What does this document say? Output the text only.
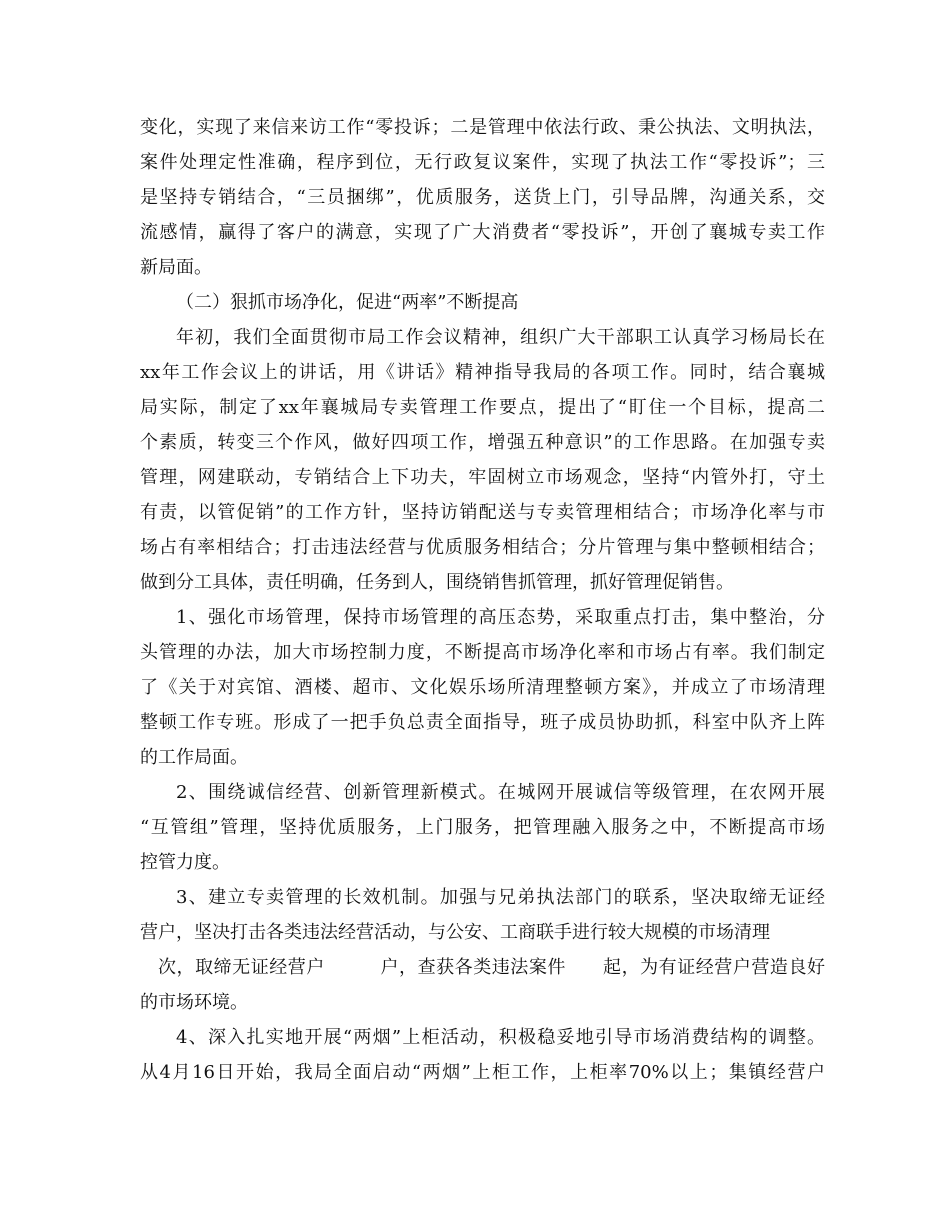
变化，实现了来信来访工作“零投诉；二是管理中依法行政、秉公执法、文明执法，
案件处理定性准确，程序到位，无行政复议案件，实现了执法工作“零投诉”；三
是坚持专销结合，“三员捆绑”，优质服务，送货上门，引导品牌，沟通关系，交
流感情，赢得了客户的满意，实现了广大消费者“零投诉”，开创了襄城专卖工作
新局面。
（二）狠抓市场净化，促进“两率”不断提高
年初，我们全面贯彻市局工作会议精神，组织广大干部职工认真学习杨局长在
xx年工作会议上的讲话，用《讲话》精神指导我局的各项工作。同时，结合襄城
局实际，制定了xx年襄城局专卖管理工作要点，提出了“盯住一个目标，提高二
个素质，转变三个作风，做好四项工作，增强五种意识”的工作思路。在加强专卖
管理，网建联动，专销结合上下功夫，牢固树立市场观念，坚持“内管外打，守土
有责，以管促销”的工作方针，坚持访销配送与专卖管理相结合；市场净化率与市
场占有率相结合；打击违法经营与优质服务相结合；分片管理与集中整顿相结合；
做到分工具体，责任明确，任务到人，围绕销售抓管理，抓好管理促销售。
1、强化市场管理，保持市场管理的高压态势，采取重点打击，集中整治，分
头管理的办法，加大市场控制力度，不断提高市场净化率和市场占有率。我们制定
了《关于对宾馆、酒楼、超市、文化娱乐场所清理整顿方案》，并成立了市场清理
整顿工作专班。形成了一把手负总责全面指导，班子成员协助抓，科室中队齐上阵
的工作局面。
2、围绕诚信经营、创新管理新模式。在城网开展诚信等级管理，在农网开展
“互管组”管理，坚持优质服务，上门服务，把管理融入服务之中，不断提高市场
控管力度。
3、建立专卖管理的长效机制。加强与兄弟执法部门的联系，坚决取缔无证经
营户，坚决打击各类违法经营活动，与公安、工商联手进行较大规模的市场清理
次，取缔无证经营户　　　户，查获各类违法案件　　起，为有证经营户营造良好
的市场环境。
4、深入扎实地开展“两烟”上柜活动，积极稳妥地引导市场消费结构的调整。
从4月16日开始，我局全面启动“两烟”上柜工作，上柜率70%以上；集镇经营户
